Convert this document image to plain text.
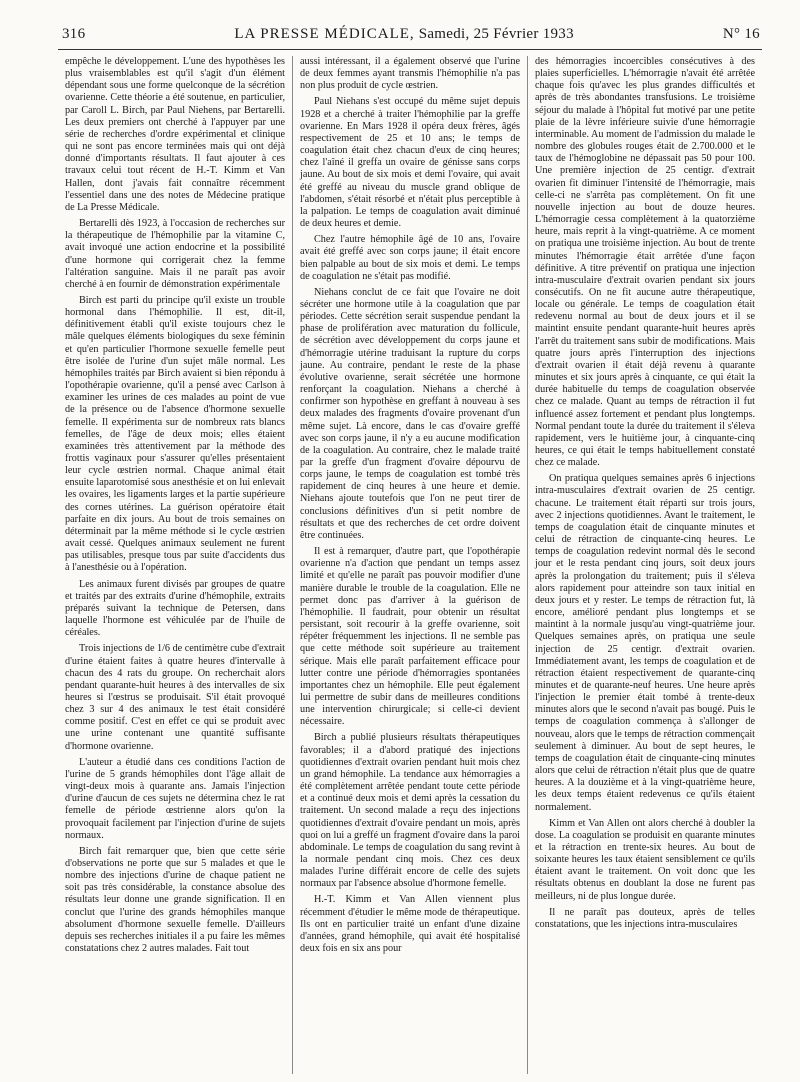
316	LA PRESSE MÉDICALE, Samedi, 25 Février 1933	N° 16

empêche le développement. L'une des hypothèses les plus vraisemblables est qu'il s'agit d'un élément dépendant sous une forme quelconque de la sécrétion ovarienne. Cette théorie a été soutenue, en particulier, par Caroll L. Birch, par Paul Niehens, par Bertarelli. Les deux premiers ont cherché à l'appuyer par une série de recherches d'ordre expérimental et clinique qui ne sont pas encore terminées mais qui ont déjà donné d'importants résultats. Il faut ajouter à ces travaux celui tout récent de H.-T. Kimm et Van Hallen, dont j'avais fait connaître récemment l'essentiel dans une des notes de Médecine pratique de La Presse Médicale.

Bertarelli dès 1923, à l'occasion de recherches sur la thérapeutique de l'hémophilie par la vitamine C, avait invoqué une action endocrine et la possibilité d'une hormone qui corrigerait chez la femme l'altération sanguine. Mais il ne paraît pas avoir cherché à en fournir de démonstration expérimentale

Birch est parti du principe qu'il existe un trouble hormonal dans l'hémophilie. Il est, dit-il, définitivement établi qu'il existe toujours chez le mâle quelques éléments biologiques du sexe féminin et qu'en particulier l'hormone sexuelle femelle peut être isolée de l'urine d'un sujet mâle normal. Les hémophiles traités par Birch avaient si bien répondu à l'opothérapie ovarienne, qu'il a pensé avec Carlson à examiner les urines de ces malades au point de vue de la présence ou de l'absence d'hormone sexuelle femelle. Il expérimenta sur de nombreux rats blancs femelles, de l'âge de deux mois; elles étaient examinées très attentivement par la méthode des frottis vaginaux pour s'assurer qu'elles présentaient leur cycle œstrien normal. Chaque animal était ensuite laparotomisé sous anesthésie et on lui enlevait les ovaires, les ligaments larges et la partie supérieure des cornes utérines. La guérison opératoire était parfaite en dix jours. Au bout de trois semaines on déterminait par la même méthode si le cycle œstrien avait cessé. Quelques animaux seulement ne furent pas utilisables, presque tous par suite d'accidents dus à l'anesthésie ou à l'opération.

Les animaux furent divisés par groupes de quatre et traités par des extraits d'urine d'hémophile, extraits préparés suivant la technique de Petersen, dans laquelle l'hormone est véhiculée par de l'huile de céréales.

Trois injections de 1/6 de centimètre cube d'extrait d'urine étaient faites à quatre heures d'intervalle à chacun des 4 rats du groupe. On recherchait alors pendant quarante-huit heures à des intervalles de six heures si l'œstrus se produisait. S'il était provoqué chez 3 sur 4 des animaux le test était considéré comme positif. C'est en effet ce qui se produit avec une urine contenant une quantité suffisante d'hormone ovarienne.

L'auteur a étudié dans ces conditions l'action de l'urine de 5 grands hémophiles dont l'âge allait de vingt-deux mois à quarante ans. Jamais l'injection d'urine d'aucun de ces sujets ne détermina chez le rat femelle de période œstrienne alors qu'on la provoquait facilement par l'injection d'urine de sujets normaux.

Birch fait remarquer que, bien que cette série d'observations ne porte que sur 5 malades et que le nombre des injections d'urine de chaque patient ne soit pas très considérable, la constance absolue des résultats leur donne une grande signification. Il en conclut que l'urine des grands hémophiles manque absolument d'hormone sexuelle femelle. D'ailleurs depuis ses recherches initiales il a pu faire les mêmes constatations chez 2 autres malades. Fait tout

aussi intéressant, il a également observé que l'urine de deux femmes ayant transmis l'hémophilie n'a pas non plus produit de cycle œstrien.

Paul Niehans s'est occupé du même sujet depuis 1928 et a cherché à traiter l'hémophilie par la greffe ovarienne. En Mars 1928 il opéra deux frères, âgés respectivement de 25 et 10 ans; le temps de coagulation était chez chacun d'eux de cinq heures; chez l'aîné il greffa un ovaire de génisse sans corps jaune. Au bout de six mois et demi l'ovaire, qui avait été greffé au niveau du muscle grand oblique de l'abdomen, s'était résorbé et n'était plus perceptible à la palpation. Le temps de coagulation avait diminué de deux heures et demie.

Chez l'autre hémophile âgé de 10 ans, l'ovaire avait été greffé avec son corps jaune; il était encore bien palpable au bout de six mois et demi. Le temps de coagulation ne s'était pas modifié.

Niehans conclut de ce fait que l'ovaire ne doit sécréter une hormone utile à la coagulation que par périodes. Cette sécrétion serait suspendue pendant la phase de prolifération avec maturation du follicule, de sécrétion avec développement du corps jaune et d'hémorragie utérine traduisant la rupture du corps jaune. Au contraire, pendant le reste de la phase évolutive ovarienne, serait sécrétée une hormone renforçant la coagulation. Niehans a cherché à confirmer son hypothèse en greffant à nouveau à ses deux malades des fragments d'ovaire provenant d'un même sujet. Là encore, dans le cas d'ovaire greffé avec son corps jaune, il n'y a eu aucune modification de la coagulation. Au contraire, chez le malade traité par la greffe d'un fragment d'ovaire dépourvu de corps jaune, le temps de coagulation est tombé très rapidement de cinq heures à une heure et demie. Niehans ajoute toutefois que l'on ne peut tirer de conclusions définitives d'un si petit nombre de résultats et que des recherches de cet ordre doivent être continuées.

Il est à remarquer, d'autre part, que l'opothérapie ovarienne n'a d'action que pendant un temps assez limité et qu'elle ne paraît pas pouvoir modifier d'une manière durable le trouble de la coagulation. Elle ne permet donc pas d'arriver à la guérison de l'hémophilie. Il faudrait, pour obtenir un résultat persistant, soit recourir à la greffe ovarienne, soit répéter fréquemment les injections. Il ne semble pas que cette méthode soit supérieure au traitement sérique. Mais elle paraît parfaitement efficace pour lutter contre une période d'hémorragies spontanées importantes chez un hémophile. Elle peut également lui permettre de subir dans de meilleures conditions une intervention chirurgicale; si celle-ci devient nécessaire.

Birch a publié plusieurs résultats thérapeutiques favorables; il a d'abord pratiqué des injections quotidiennes d'extrait ovarien pendant huit mois chez un grand hémophile. La tendance aux hémorragies a été complètement arrêtée pendant toute cette période et a continué deux mois et demi après la cessation du traitement. Un second malade a reçu des injections quotidiennes d'extrait d'ovaire pendant un mois, après quoi on lui a greffé un fragment d'ovaire dans la paroi abdominale. Le temps de coagulation du sang revint à la normale pendant cinq mois. Chez ces deux malades l'urine différait encore de celle des sujets normaux par l'absence absolue d'hormone femelle.

H.-T. Kimm et Van Allen viennent plus récemment d'étudier le même mode de thérapeutique. Ils ont en particulier traité un enfant d'une dizaine d'années, grand hémophile, qui avait été hospitalisé deux fois en six ans pour

des hémorragies incoercibles consécutives à des plaies superficielles. L'hémorragie n'avait été arrêtée chaque fois qu'avec les plus grandes difficultés et après de très abondantes transfusions. Le troisième séjour du malade à l'hôpital fut motivé par une petite plaie de la lèvre inférieure suivie d'une hémorragie interminable. Au moment de l'admission du malade le nombre des globules rouges était de 2.700.000 et le taux de l'hémoglobine ne dépassait pas 50 pour 100. Une première injection de 25 centigr. d'extrait ovarien fit diminuer l'intensité de l'hémorragie, mais celle-ci ne s'arrêta pas complètement. On fit une nouvelle injection au bout de douze heures. L'hémorragie cessa complètement à la quatorzième heure, mais reprit à la vingt-quatrième. A ce moment on pratiqua une troisième injection. Au bout de trente minutes l'hémorragie était arrêtée d'une façon définitive. A titre préventif on pratiqua une injection intra-musculaire d'extrait ovarien pendant six jours consécutifs. On ne fit aucune autre thérapeutique, locale ou générale. Le temps de coagulation était redevenu normal au bout de deux jours et il se maintint ensuite pendant quarante-huit heures après l'arrêt du traitement sans subir de modifications. Mais quatre jours après l'interruption des injections d'extrait ovarien il était déjà revenu à quarante minutes et six jours après à cinquante, ce qui était la durée habituelle du temps de coagulation observée chez ce malade. Quant au temps de rétraction il fut influencé assez fortement et pendant plus longtemps. Normal pendant toute la durée du traitement il s'éleva rapidement, vers le huitième jour, à cinquante-cinq heures, ce qui était le temps habituellement constaté chez ce malade.

On pratiqua quelques semaines après 6 injections intra-musculaires d'extrait ovarien de 25 centigr. chacune. Le traitement était réparti sur trois jours, avec 2 injections quotidiennes. Avant le traitement, le temps de coagulation était de cinquante minutes et celui de rétraction de cinquante-cinq heures. Le temps de coagulation redevint normal dès le second jour et le resta pendant cinq jours, soit deux jours après la prolongation du traitement; puis il s'éleva alors rapidement pour atteindre son taux initial en deux jours et y rester. Le temps de rétraction fut, là encore, amélioré pendant plus longtemps et se maintint à la normale jusqu'au vingt-quatrième jour. Quelques semaines après, on pratiqua une seule injection de 25 centigr. d'extrait ovarien. Immédiatement avant, les temps de coagulation et de rétraction étaient respectivement de quarante-cinq minutes et de quarante-neuf heures. Une heure après l'injection le premier était tombé à trente-deux minutes alors que le second n'avait pas bougé. Puis le temps de coagulation commença à s'allonger de nouveau, alors que le temps de rétraction commençait seulement à diminuer. Au bout de sept heures, le temps de coagulation était de cinquante-cinq minutes alors que celui de rétraction n'était plus que de quatre heures. A la douzième et à la vingt-quatrième heure, les deux temps étaient redevenus ce qu'ils étaient normalement.

Kimm et Van Allen ont alors cherché à doubler la dose. La coagulation se produisit en quarante minutes et la rétraction en trente-six heures. Au bout de soixante heures les taux étaient sensiblement ce qu'ils étaient avant le traitement. On voit donc que les résultats obtenus en doublant la dose ne furent pas meilleurs, ni de plus longue durée.

Il ne paraît pas douteux, après de telles constatations, que les injections intra-musculaires
